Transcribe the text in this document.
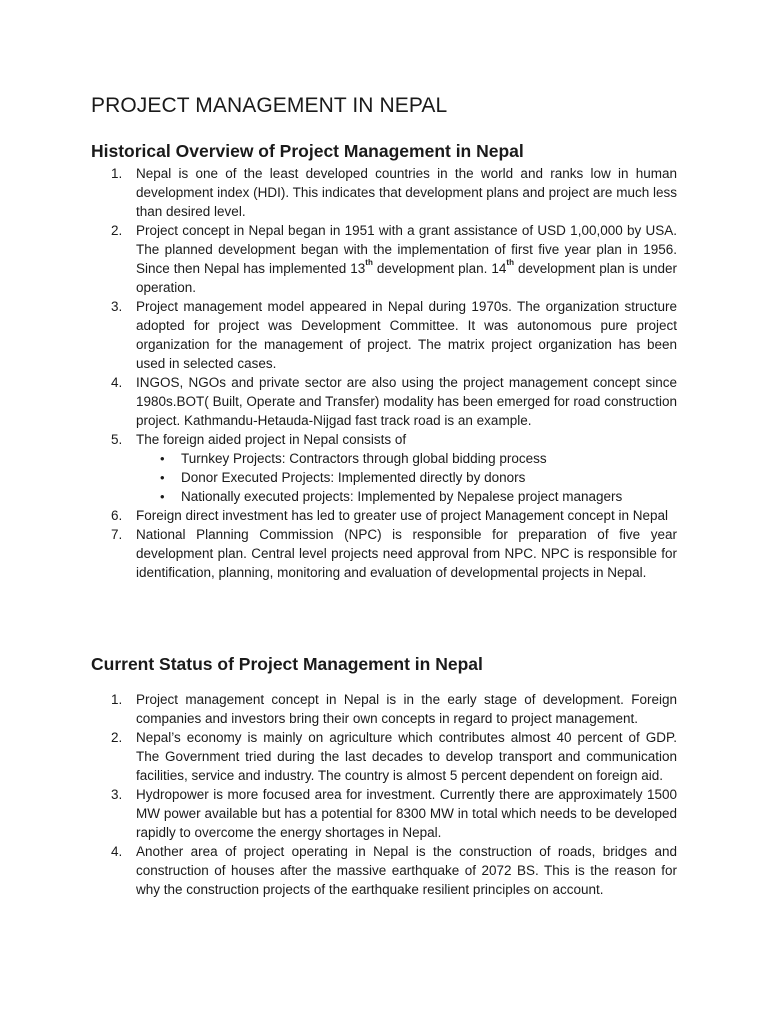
PROJECT MANAGEMENT IN NEPAL
Historical Overview of Project Management in Nepal
1.	Nepal is one of the least developed countries in the world and ranks low in human development index (HDI). This indicates that development plans and project are much less than desired level.
2.	Project concept in Nepal began in 1951 with a grant assistance of USD 1,00,000 by USA. The planned development began with the implementation of first five year plan in 1956. Since then Nepal has implemented 13th development plan. 14th development plan is under operation.
3.	Project management model appeared in Nepal during 1970s. The organization structure adopted for project was Development Committee. It was autonomous pure project organization for the management of project. The matrix project organization has been used in selected cases.
4.	INGOS, NGOs and private sector are also using the project management concept since 1980s.BOT( Built, Operate and Transfer) modality has been emerged for road construction project. Kathmandu-Hetauda-Nijgad fast track road is an example.
5.	The foreign aided project in Nepal consists of
• Turnkey Projects: Contractors through global bidding process
• Donor Executed Projects: Implemented directly by donors
• Nationally executed projects: Implemented by Nepalese project managers
6.	Foreign direct investment has led to greater use of project Management concept in Nepal
7.	National Planning Commission (NPC) is responsible for preparation of five year development plan. Central level projects need approval from NPC. NPC is responsible for identification, planning, monitoring and evaluation of developmental projects in Nepal.
Current Status of Project Management in Nepal
1.	Project management concept in Nepal is in the early stage of development. Foreign companies and investors bring their own concepts in regard to project management.
2.	Nepal’s economy is mainly on agriculture which contributes almost 40 percent of GDP. The Government tried during the last decades to develop transport and communication facilities, service and industry. The country is almost 5 percent dependent on foreign aid.
3.	Hydropower is more focused area for investment. Currently there are approximately 1500 MW power available but has a potential for 8300 MW in total which needs to be developed rapidly to overcome the energy shortages in Nepal.
4.	Another area of project operating in Nepal is the construction of roads, bridges and construction of houses after the massive earthquake of 2072 BS. This is the reason for why the construction projects of the earthquake resilient principles on account.
